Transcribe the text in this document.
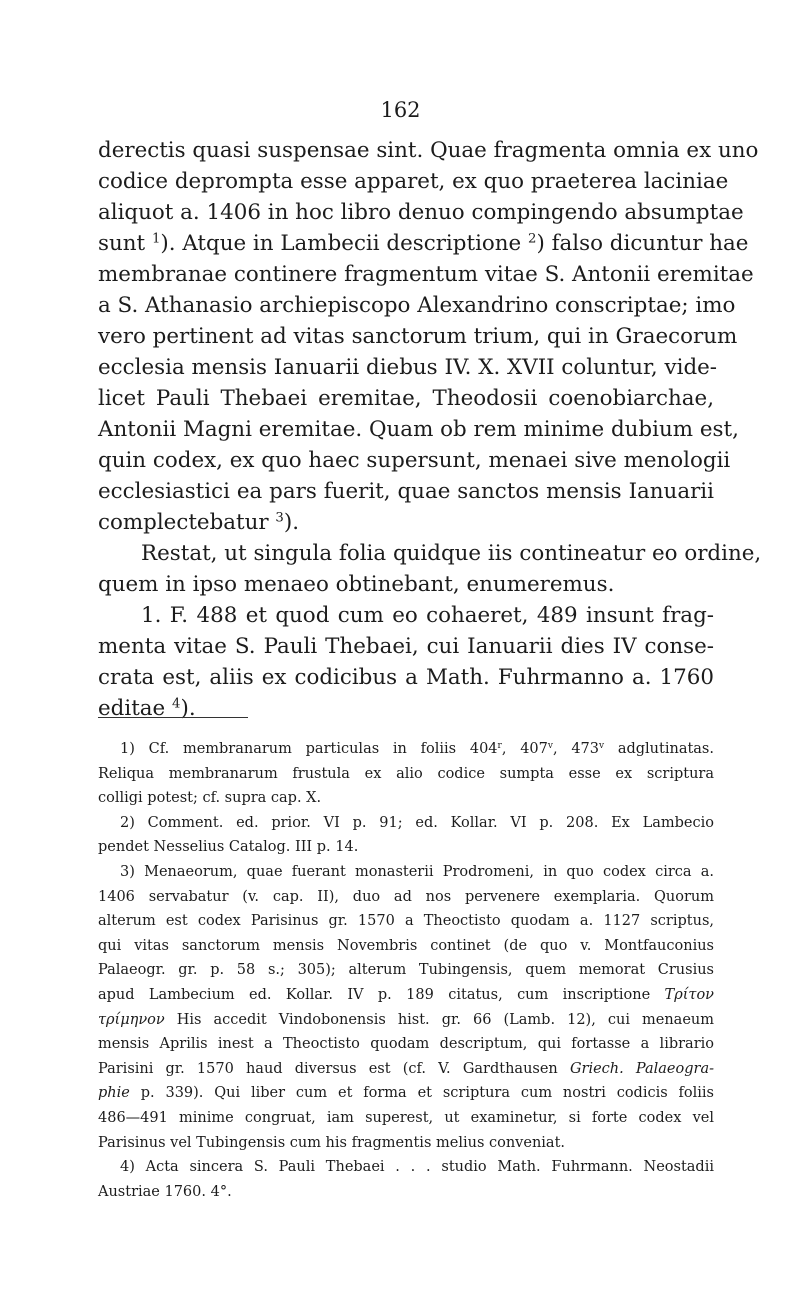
162
derectis quasi suspensae sint. Quae fragmenta omnia ex uno
codice deprompta esse apparet, ex quo praeterea laciniae
aliquot a. 1406 in hoc libro denuo compingendo absumptae
sunt $^1$). Atque in Lambecii descriptione $^2$) falso dicuntur hae
membranae continere fragmentum vitae S. Antonii eremitae
a S. Athanasio archiepiscopo Alexandrino conscriptae; imo
vero pertinent ad vitas sanctorum trium, qui in Graecorum
ecclesia mensis Ianuarii diebus IV. X. XVII coluntur, vide-
licet Pauli Thebaei eremitae, Theodosii coenobiarchae,
Antonii Magni eremitae. Quam ob rem minime dubium est,
quin codex, ex quo haec supersunt, menaei sive menologii
ecclesiastici ea pars fuerit, quae sanctos mensis Ianuarii
complectebatur $^3$).
Restat, ut singula folia quidque iis contineatur eo ordine,
quem in ipso menaeo obtinebant, enumeremus.
1. F. 488 et quod cum eo cohaeret, 489 insunt frag-
menta vitae S. Pauli Thebaei, cui Ianuarii dies IV conse-
crata est, aliis ex codicibus a Math. Fuhrmanno a. 1760
editae $^4$).
1) Cf. membranarum particulas in foliis 404$^r$, 407$^v$, 473$^v$ adglutinatas.
Reliqua membranarum frustula ex alio codice sumpta esse ex scriptura
colligi potest; cf. supra cap. X.
2) Comment. ed. prior. VI p. 91; ed. Kollar. VI p. 208. Ex Lambecio
pendet Nesselius Catalog. III p. 14.
3) Menaeorum, quae fuerant monasterii Prodromeni, in quo codex circa a.
1406 servabatur (v. cap. II), duo ad nos pervenere exemplaria. Quorum
alterum est codex Parisinus gr. 1570 a Theoctisto quodam a. 1127 scriptus,
qui vitas sanctorum mensis Novembris continet (de quo v. Montfauconius
Palaeogr. gr. p. 58 s.; 305); alterum Tubingensis, quem memorat Crusius
apud Lambecium ed. Kollar. IV p. 189 citatus, cum inscriptione Τρίτον
τρίμηνον His accedit Vindobonensis hist. gr. 66 (Lamb. 12), cui menaeum
mensis Aprilis inest a Theoctisto quodam descriptum, qui fortasse a librario
Parisini gr. 1570 haud diversus est (cf. V. Gardthausen Griech. Palaeogra-
phie p. 339). Qui liber cum et forma et scriptura cum nostri codicis foliis
486—491 minime congruat, iam superest, ut examinetur, si forte codex vel
Parisinus vel Tubingensis cum his fragmentis melius conveniat.
4) Acta sincera S. Pauli Thebaei . . . studio Math. Fuhrmann. Neostadii
Austriae 1760. 4°.
